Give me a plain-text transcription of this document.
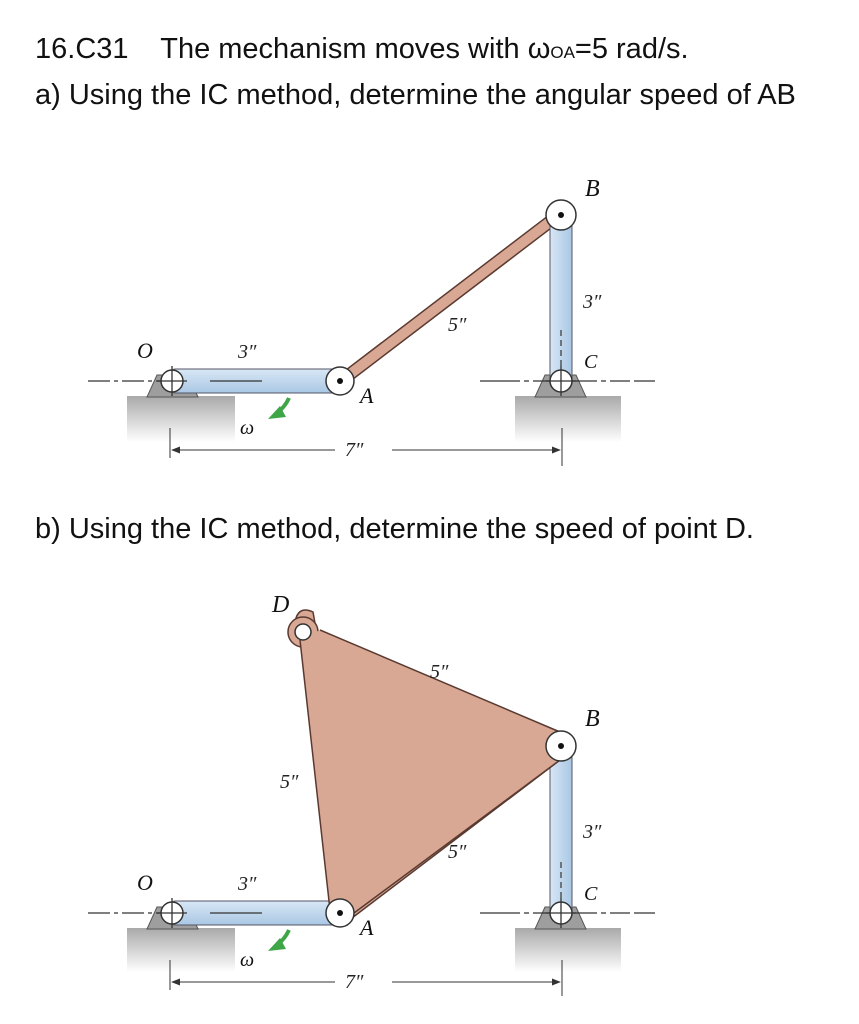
16.C31 The mechanism moves with ωOA=5 rad/s.
a) Using the IC method, determine the angular speed of AB
b) Using the IC method, determine the speed of point D.
O
A
B
C
ω
3″
5″
3″
7″
O
A
B
C
D
ω
3″
5″
5″
5″
3″
7″
